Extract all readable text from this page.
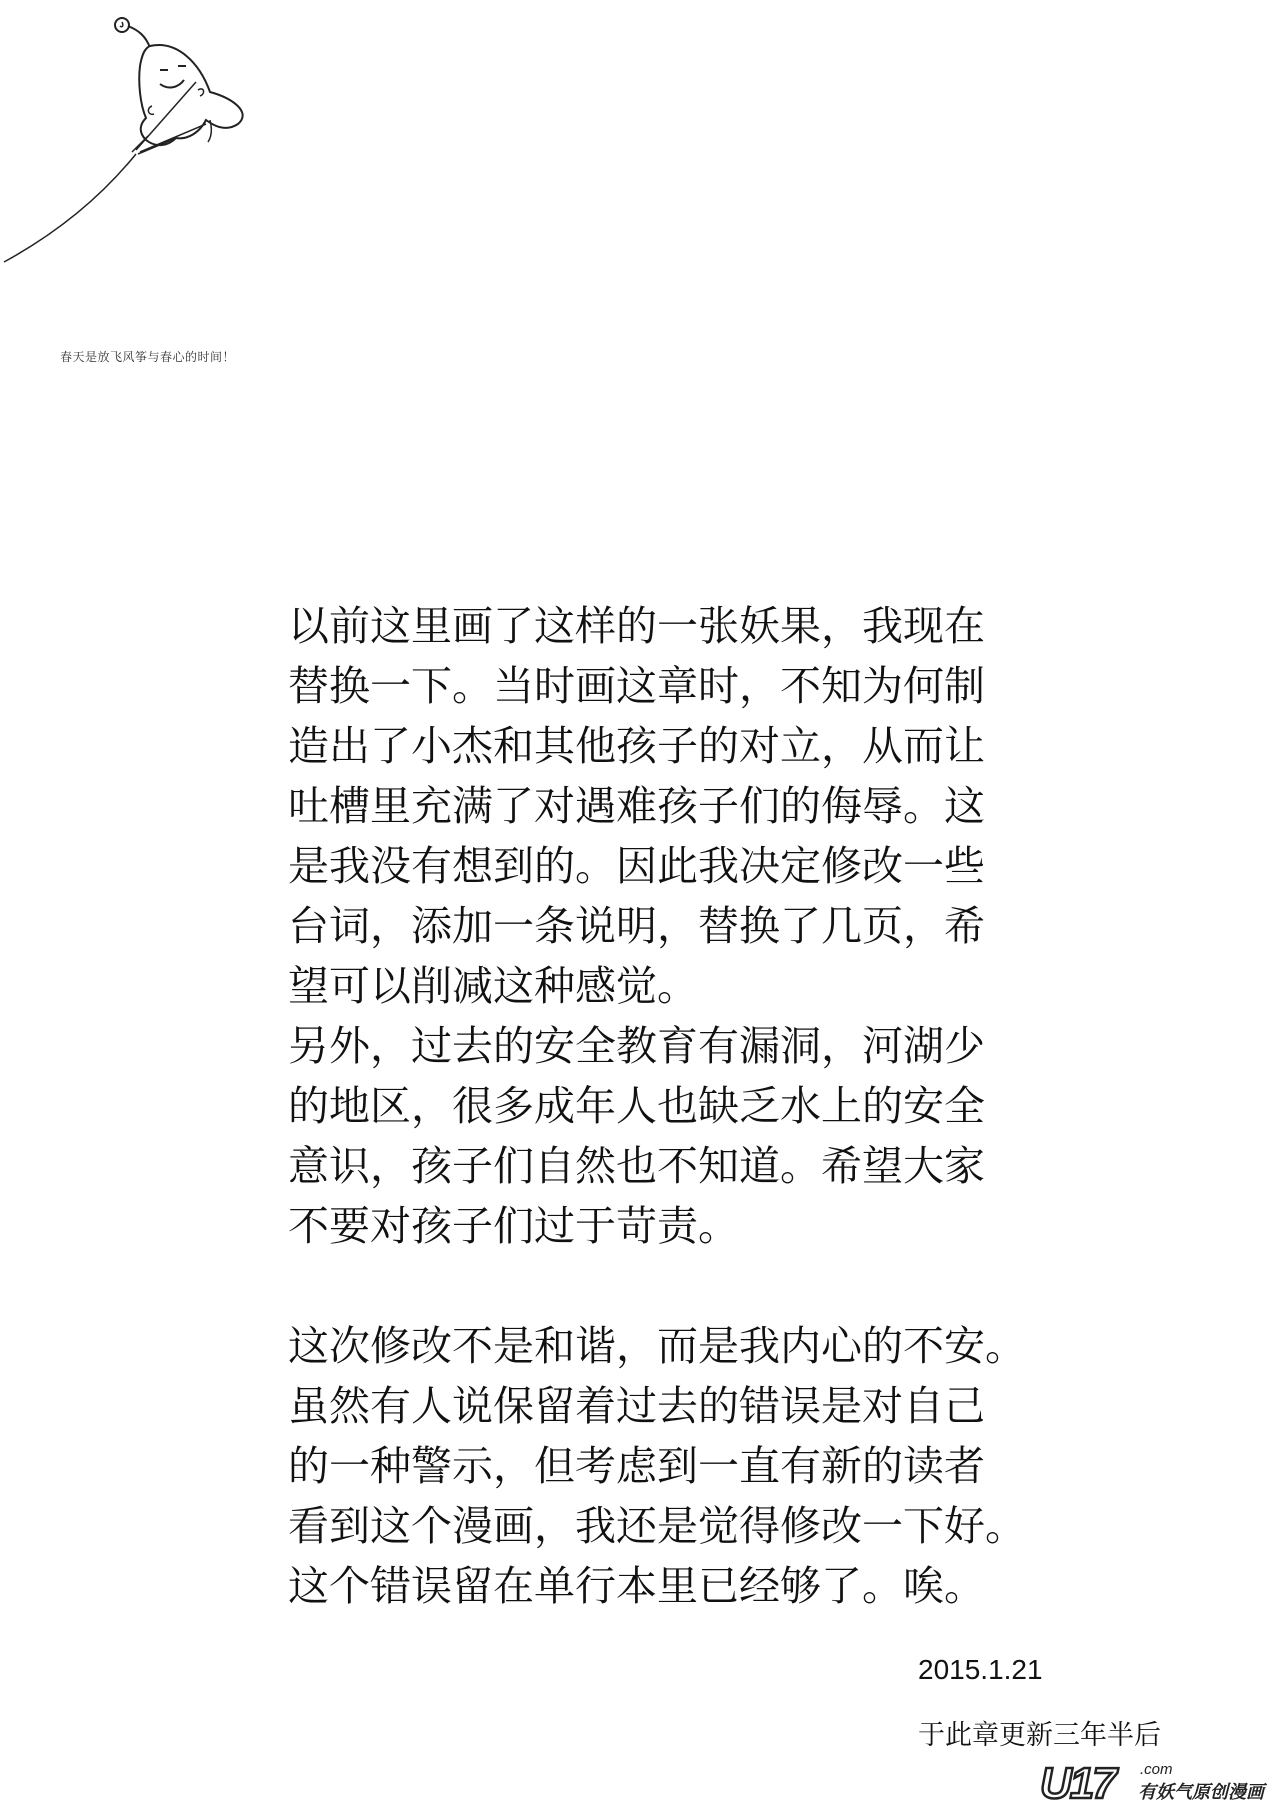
春天是放飞风筝与春心的时间！

以前这里画了这样的一张妖果，我现在
替换一下。当时画这章时，不知为何制
造出了小杰和其他孩子的对立，从而让
吐槽里充满了对遇难孩子们的侮辱。这
是我没有想到的。因此我决定修改一些
台词，添加一条说明，替换了几页，希
望可以削减这种感觉。
另外，过去的安全教育有漏洞，河湖少
的地区，很多成年人也缺乏水上的安全
意识，孩子们自然也不知道。希望大家
不要对孩子们过于苛责。

这次修改不是和谐，而是我内心的不安。
虽然有人说保留着过去的错误是对自己
的一种警示，但考虑到一直有新的读者
看到这个漫画，我还是觉得修改一下好。
这个错误留在单行本里已经够了。唉。

2015.1.21
于此章更新三年半后
U17	.com
有妖气原创漫画
